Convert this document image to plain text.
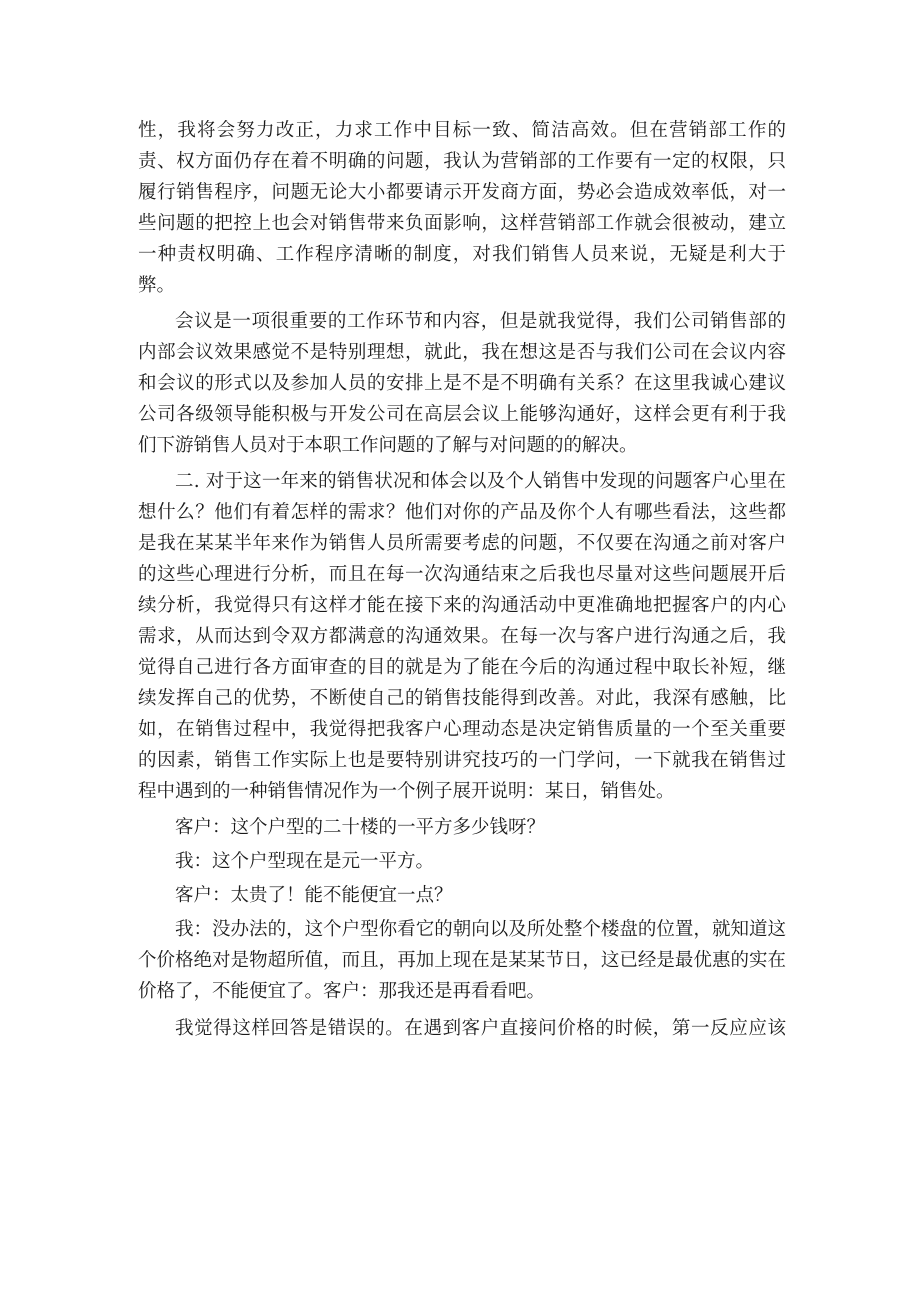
性，我将会努力改正，力求工作中目标一致、简洁高效。但在营销部工作的
责、权方面仍存在着不明确的问题，我认为营销部的工作要有一定的权限，只
履行销售程序，问题无论大小都要请示开发商方面，势必会造成效率低，对一
些问题的把控上也会对销售带来负面影响，这样营销部工作就会很被动，建立
一种责权明确、工作程序清晰的制度，对我们销售人员来说，无疑是利大于
弊。
会议是一项很重要的工作环节和内容，但是就我觉得，我们公司销售部的
内部会议效果感觉不是特别理想，就此，我在想这是否与我们公司在会议内容
和会议的形式以及参加人员的安排上是不是不明确有关系？在这里我诚心建议
公司各级领导能积极与开发公司在高层会议上能够沟通好，这样会更有利于我
们下游销售人员对于本职工作问题的了解与对问题的的解决。
二. 对于这一年来的销售状况和体会以及个人销售中发现的问题客户心里在
想什么？他们有着怎样的需求？他们对你的产品及你个人有哪些看法，这些都
是我在某某半年来作为销售人员所需要考虑的问题，不仅要在沟通之前对客户
的这些心理进行分析，而且在每一次沟通结束之后我也尽量对这些问题展开后
续分析，我觉得只有这样才能在接下来的沟通活动中更准确地把握客户的内心
需求，从而达到令双方都满意的沟通效果。在每一次与客户进行沟通之后，我
觉得自己进行各方面审查的目的就是为了能在今后的沟通过程中取长补短，继
续发挥自己的优势，不断使自己的销售技能得到改善。对此，我深有感触，比
如，在销售过程中，我觉得把我客户心理动态是决定销售质量的一个至关重要
的因素，销售工作实际上也是要特别讲究技巧的一门学问，一下就我在销售过
程中遇到的一种销售情况作为一个例子展开说明：某日，销售处。
客户：这个户型的二十楼的一平方多少钱呀？
我：这个户型现在是元一平方。
客户：太贵了！能不能便宜一点？
我：没办法的，这个户型你看它的朝向以及所处整个楼盘的位置，就知道这
个价格绝对是物超所值，而且，再加上现在是某某节日，这已经是最优惠的实在
价格了，不能便宜了。客户：那我还是再看看吧。
我觉得这样回答是错误的。在遇到客户直接问价格的时候，第一反应应该
